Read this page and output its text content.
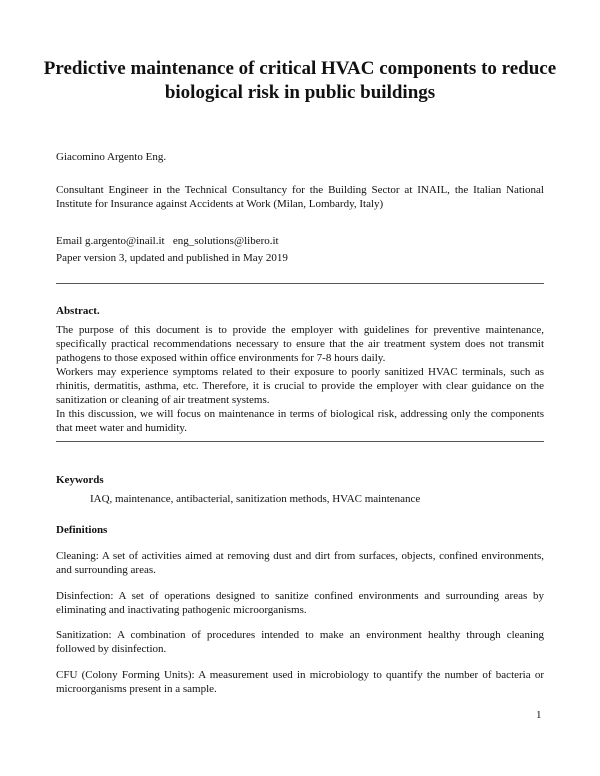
Predictive maintenance of critical HVAC components to reduce biological risk in public buildings

Giacomino Argento Eng.

Consultant Engineer in the Technical Consultancy for the Building Sector at INAIL, the Italian National Institute for Insurance against Accidents at Work (Milan, Lombardy, Italy)

Email g.argento@inail.it   eng_solutions@libero.it

Paper version 3, updated and published in May 2019

Abstract.

The purpose of this document is to provide the employer with guidelines for preventive maintenance, specifically practical recommendations necessary to ensure that the air treatment system does not transmit pathogens to those exposed within office environments for 7-8 hours daily.

Workers may experience symptoms related to their exposure to poorly sanitized HVAC terminals, such as rhinitis, dermatitis, asthma, etc. Therefore, it is crucial to provide the employer with clear guidance on the sanitization or cleaning of air treatment systems.

In this discussion, we will focus on maintenance in terms of biological risk, addressing only the components that meet water and humidity.

Keywords

IAQ, maintenance, antibacterial, sanitization methods, HVAC maintenance

Definitions

Cleaning: A set of activities aimed at removing dust and dirt from surfaces, objects, confined environments, and surrounding areas.

Disinfection: A set of operations designed to sanitize confined environments and surrounding areas by eliminating and inactivating pathogenic microorganisms.

Sanitization: A combination of procedures intended to make an environment healthy through cleaning followed by disinfection.

CFU (Colony Forming Units): A measurement used in microbiology to quantify the number of bacteria or microorganisms present in a sample.

1
